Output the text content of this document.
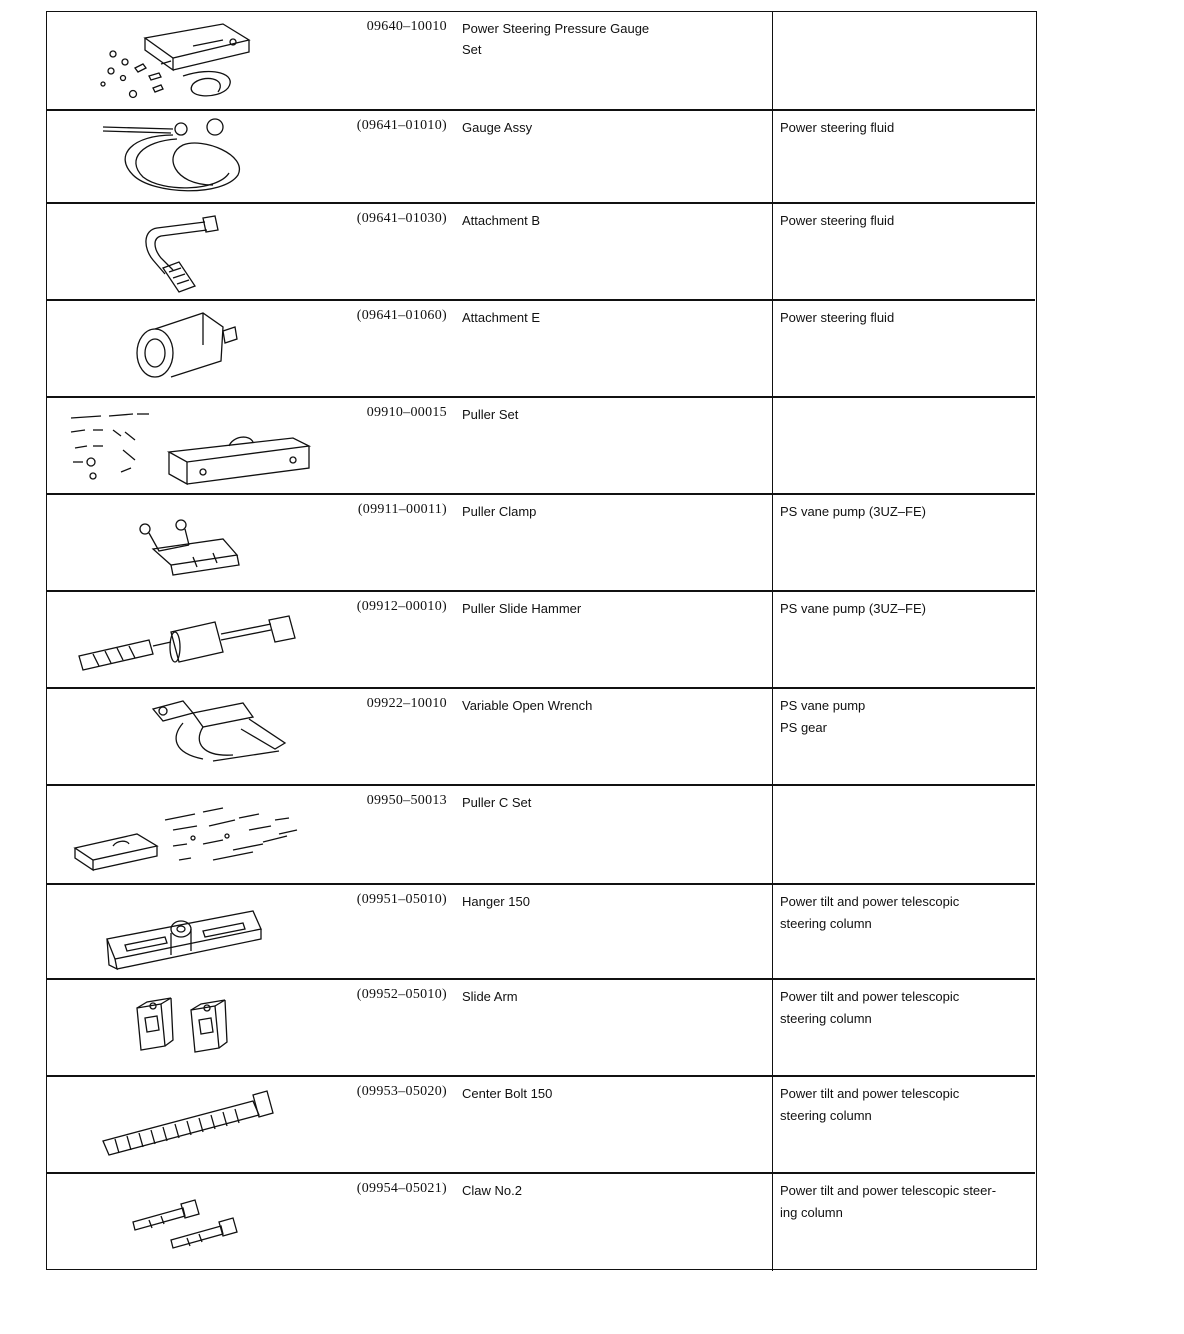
09640–10010 Power Steering Pressure Gauge
Set
(09641–01010) Gauge Assy	Power steering fluid
(09641–01030) Attachment B	Power steering fluid
(09641–01060) Attachment E	Power steering fluid
09910–00015 Puller Set
(09911–00011) Puller Clamp	PS vane pump (3UZ–FE)
(09912–00010) Puller Slide Hammer	PS vane pump (3UZ–FE)
09922–10010 Variable Open Wrench	PS vane pump
PS gear
09950–50013 Puller C Set
(09951–05010) Hanger 150	Power tilt and power telescopic
steering column
(09952–05010) Slide Arm	Power tilt and power telescopic
steering column
(09953–05020) Center Bolt 150	Power tilt and power telescopic
steering column
(09954–05021) Claw No.2	Power tilt and power telescopic steer-
ing column
